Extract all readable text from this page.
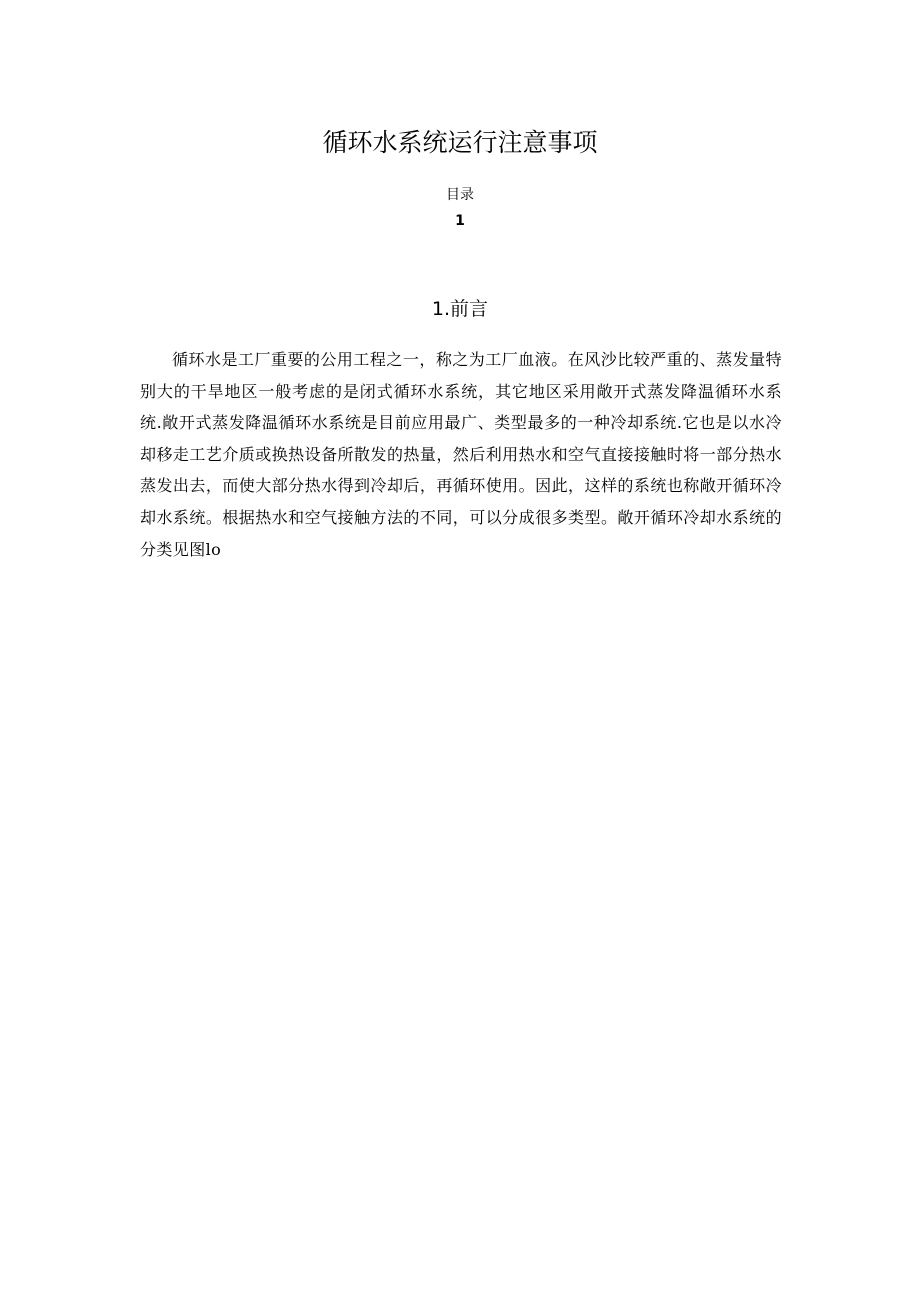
循环水系统运行注意事项
目录
1
1.前言

循环水是工厂重要的公用工程之一，称之为工厂血液。在风沙比较严重的、蒸发量特别大的干旱地区一般考虑的是闭式循环水系统，其它地区采用敞开式蒸发降温循环水系统.敞开式蒸发降温循环水系统是目前应用最广、类型最多的一种冷却系统.它也是以水冷却移走工艺介质或换热设备所散发的热量，然后利用热水和空气直接接触时将一部分热水蒸发出去，而使大部分热水得到冷却后，再循环使用。因此，这样的系统也称敞开循环冷却水系统。根据热水和空气接触方法的不同，可以分成很多类型。敞开循环冷却水系统的分类见图lo
